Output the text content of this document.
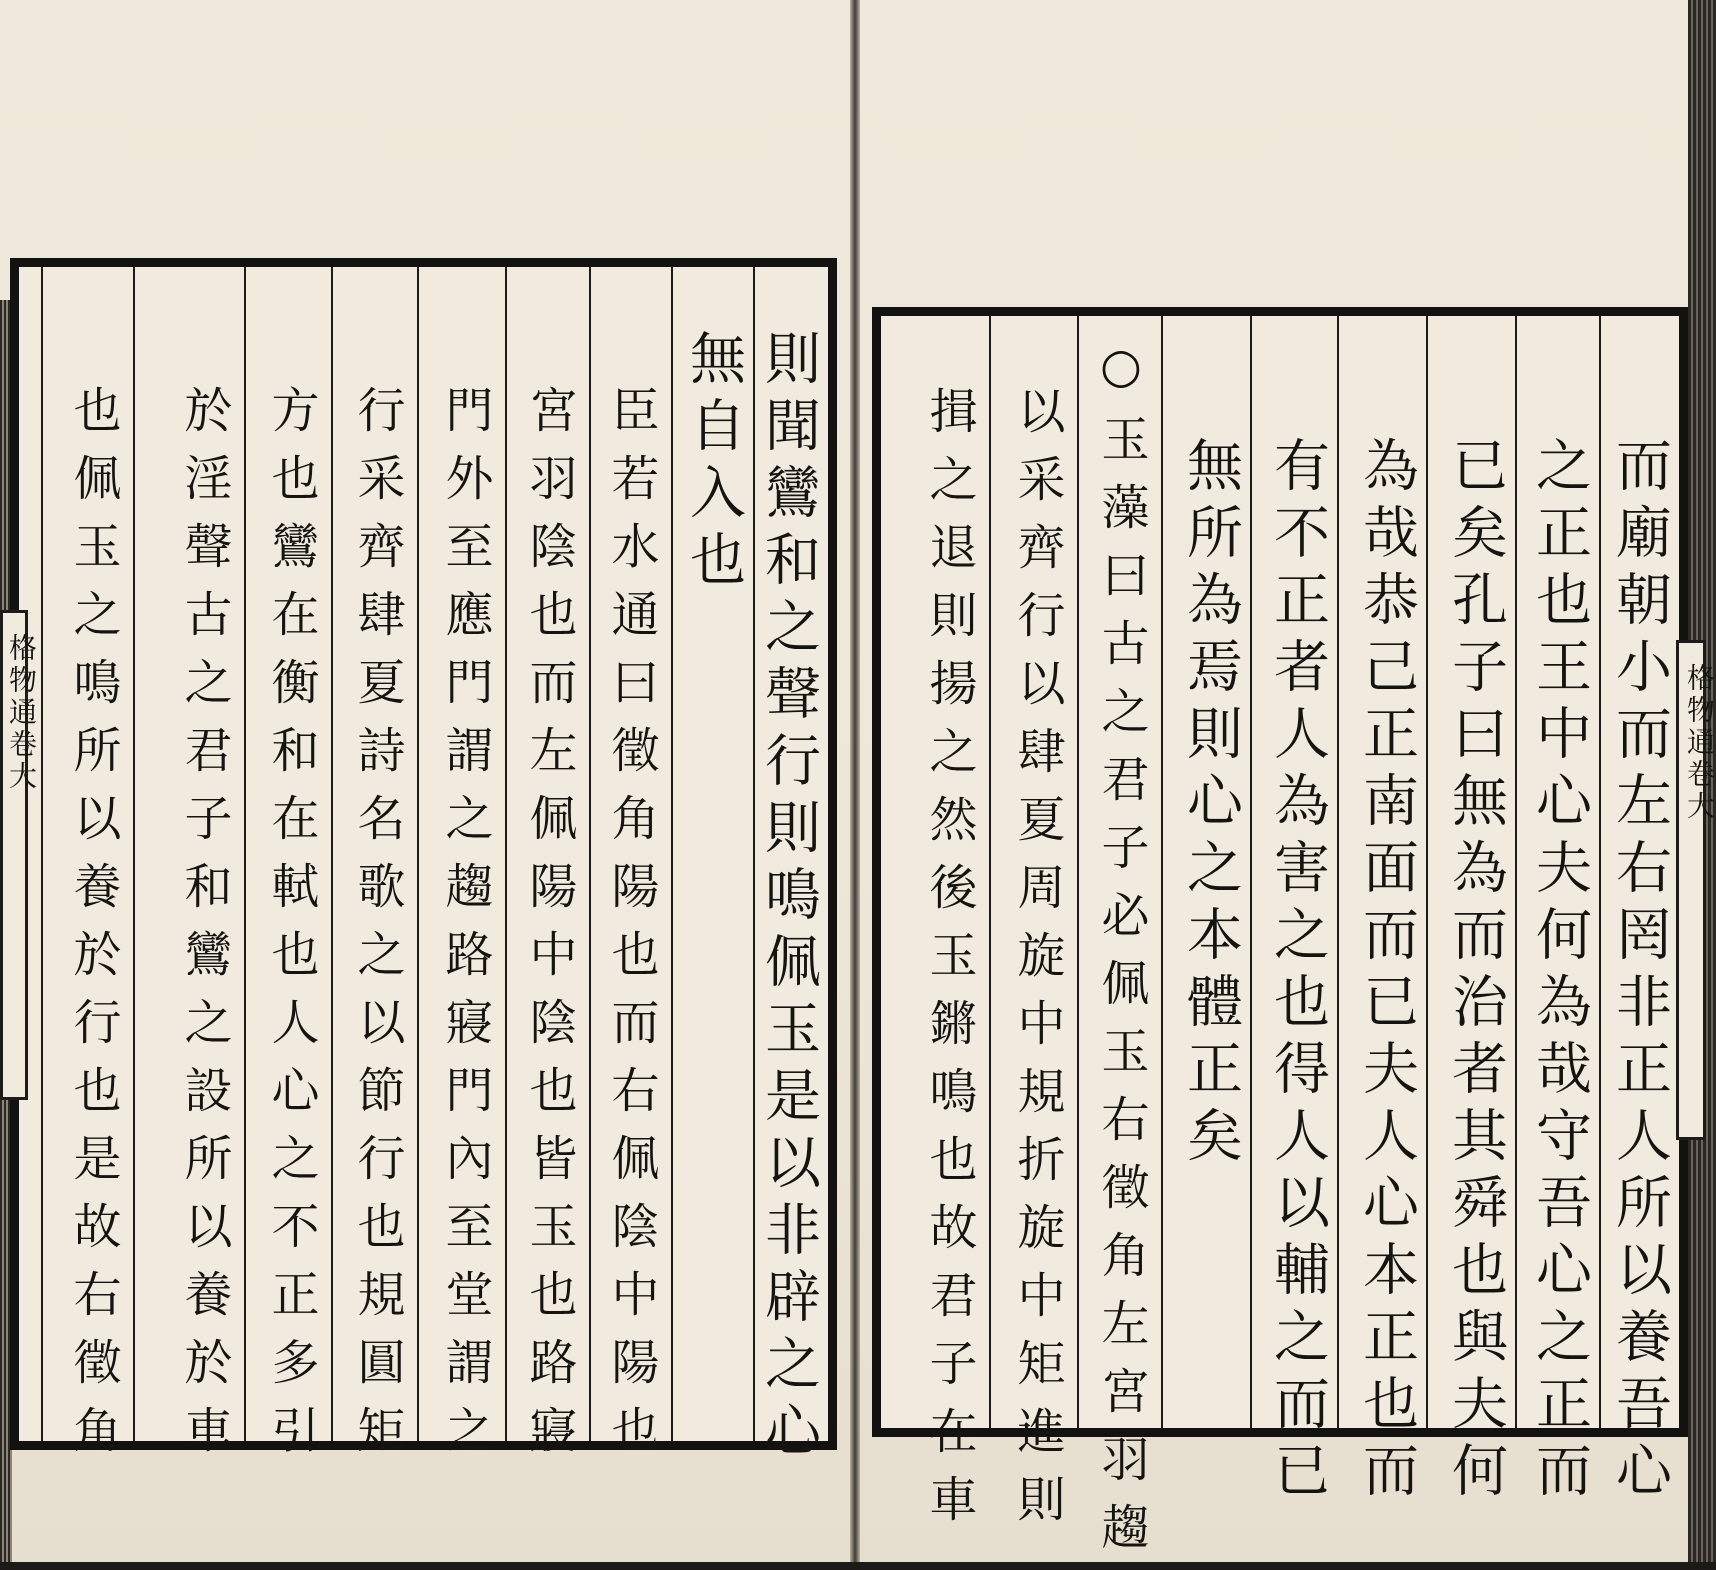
則聞鸞和之聲行則鳴佩玉是以非辟之心
無自入也
臣若水通曰徵角陽也而右佩陰中陽也
宮羽陰也而左佩陽中陰也皆玉也路寢
門外至應門謂之趨路寢門內至堂謂之
行采齊肆夏詩名歌之以節行也規圓矩
方也鸞在衡和在軾也人心之不正多引
於淫聲古之君子和鸞之設所以養於車
也佩玉之鳴所以養於行也是故右徵角
格物通卷大	而廟朝小而左右罔非正人所以養吾心
之正也王中心夫何為哉守吾心之正而
已矣孔子曰無為而治者其舜也與夫何
為哉恭己正南面而已夫人心本正也而
有不正者人為害之也得人以輔之而已
無所為焉則心之本體正矣
○玉藻曰古之君子必佩玉右徵角左宮羽趨
以采齊行以肆夏周旋中規折旋中矩進則
揖之退則揚之然後玉鏘鳴也故君子在車	格物通卷大
